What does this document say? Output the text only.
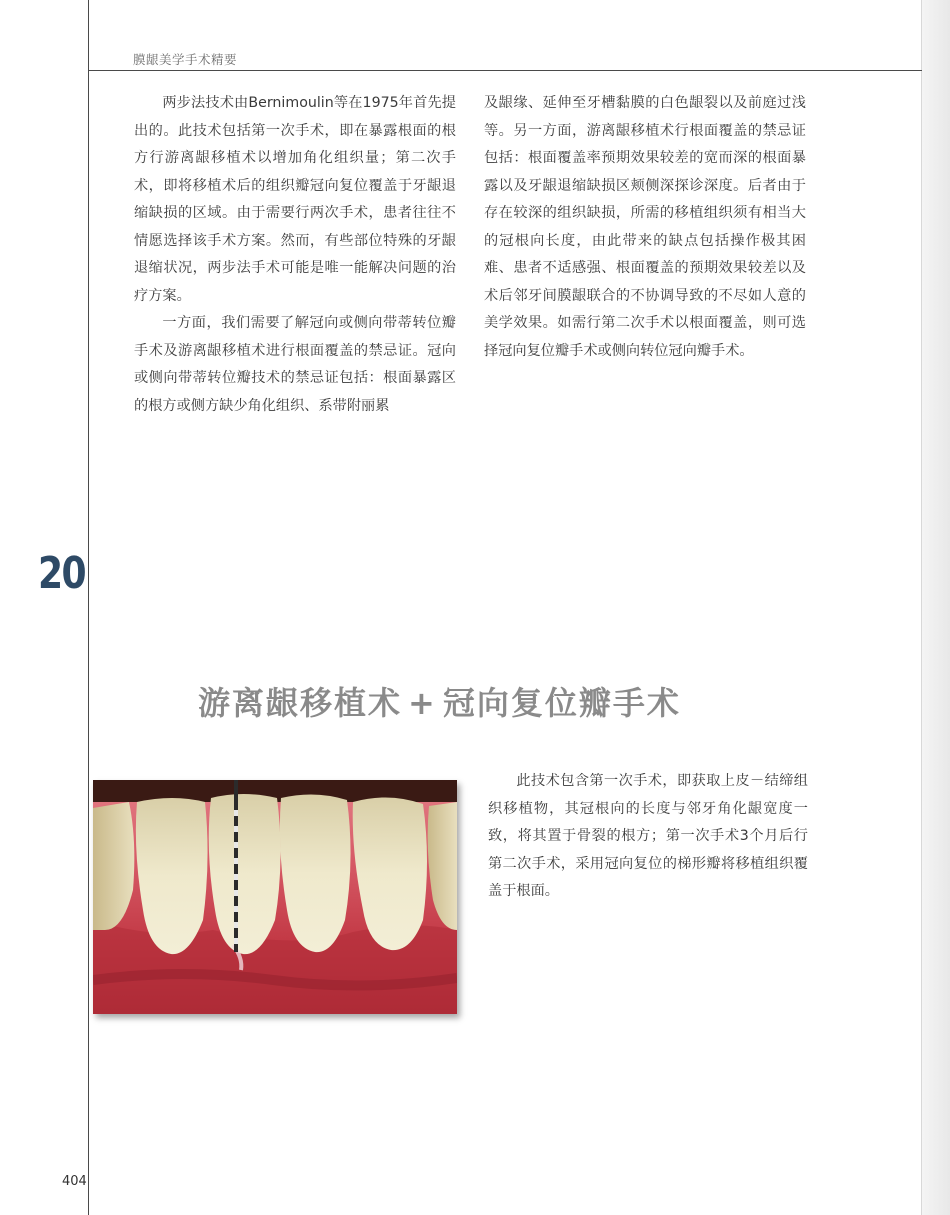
膜龈美学手术精要

两步法技术由Bernimoulin等在1975年首先提出的。此技术包括第一次手术，即在暴露根面的根方行游离龈移植术以增加角化组织量；第二次手术，即将移植术后的组织瓣冠向复位覆盖于牙龈退缩缺损的区域。由于需要行两次手术，患者往往不情愿选择该手术方案。然而，有些部位特殊的牙龈退缩状况，两步法手术可能是唯一能解决问题的治疗方案。

一方面，我们需要了解冠向或侧向带蒂转位瓣手术及游离龈移植术进行根面覆盖的禁忌证。冠向或侧向带蒂转位瓣技术的禁忌证包括：根面暴露区的根方或侧方缺少角化组织、系带附丽累

及龈缘、延伸至牙槽黏膜的白色龈裂以及前庭过浅等。另一方面，游离龈移植术行根面覆盖的禁忌证包括：根面覆盖率预期效果较差的宽而深的根面暴露以及牙龈退缩缺损区颊侧深探诊深度。后者由于存在较深的组织缺损，所需的移植组织须有相当大的冠根向长度，由此带来的缺点包括操作极其困难、患者不适感强、根面覆盖的预期效果较差以及术后邻牙间膜龈联合的不协调导致的不尽如人意的美学效果。如需行第二次手术以根面覆盖，则可选择冠向复位瓣手术或侧向转位冠向瓣手术。

20
游离龈移植术 + 冠向复位瓣手术

此技术包含第一次手术，即获取上皮－结缔组织移植物，其冠根向的长度与邻牙角化龈宽度一致，将其置于骨裂的根方；第一次手术3个月后行第二次手术，采用冠向复位的梯形瓣将移植组织覆盖于根面。

404
